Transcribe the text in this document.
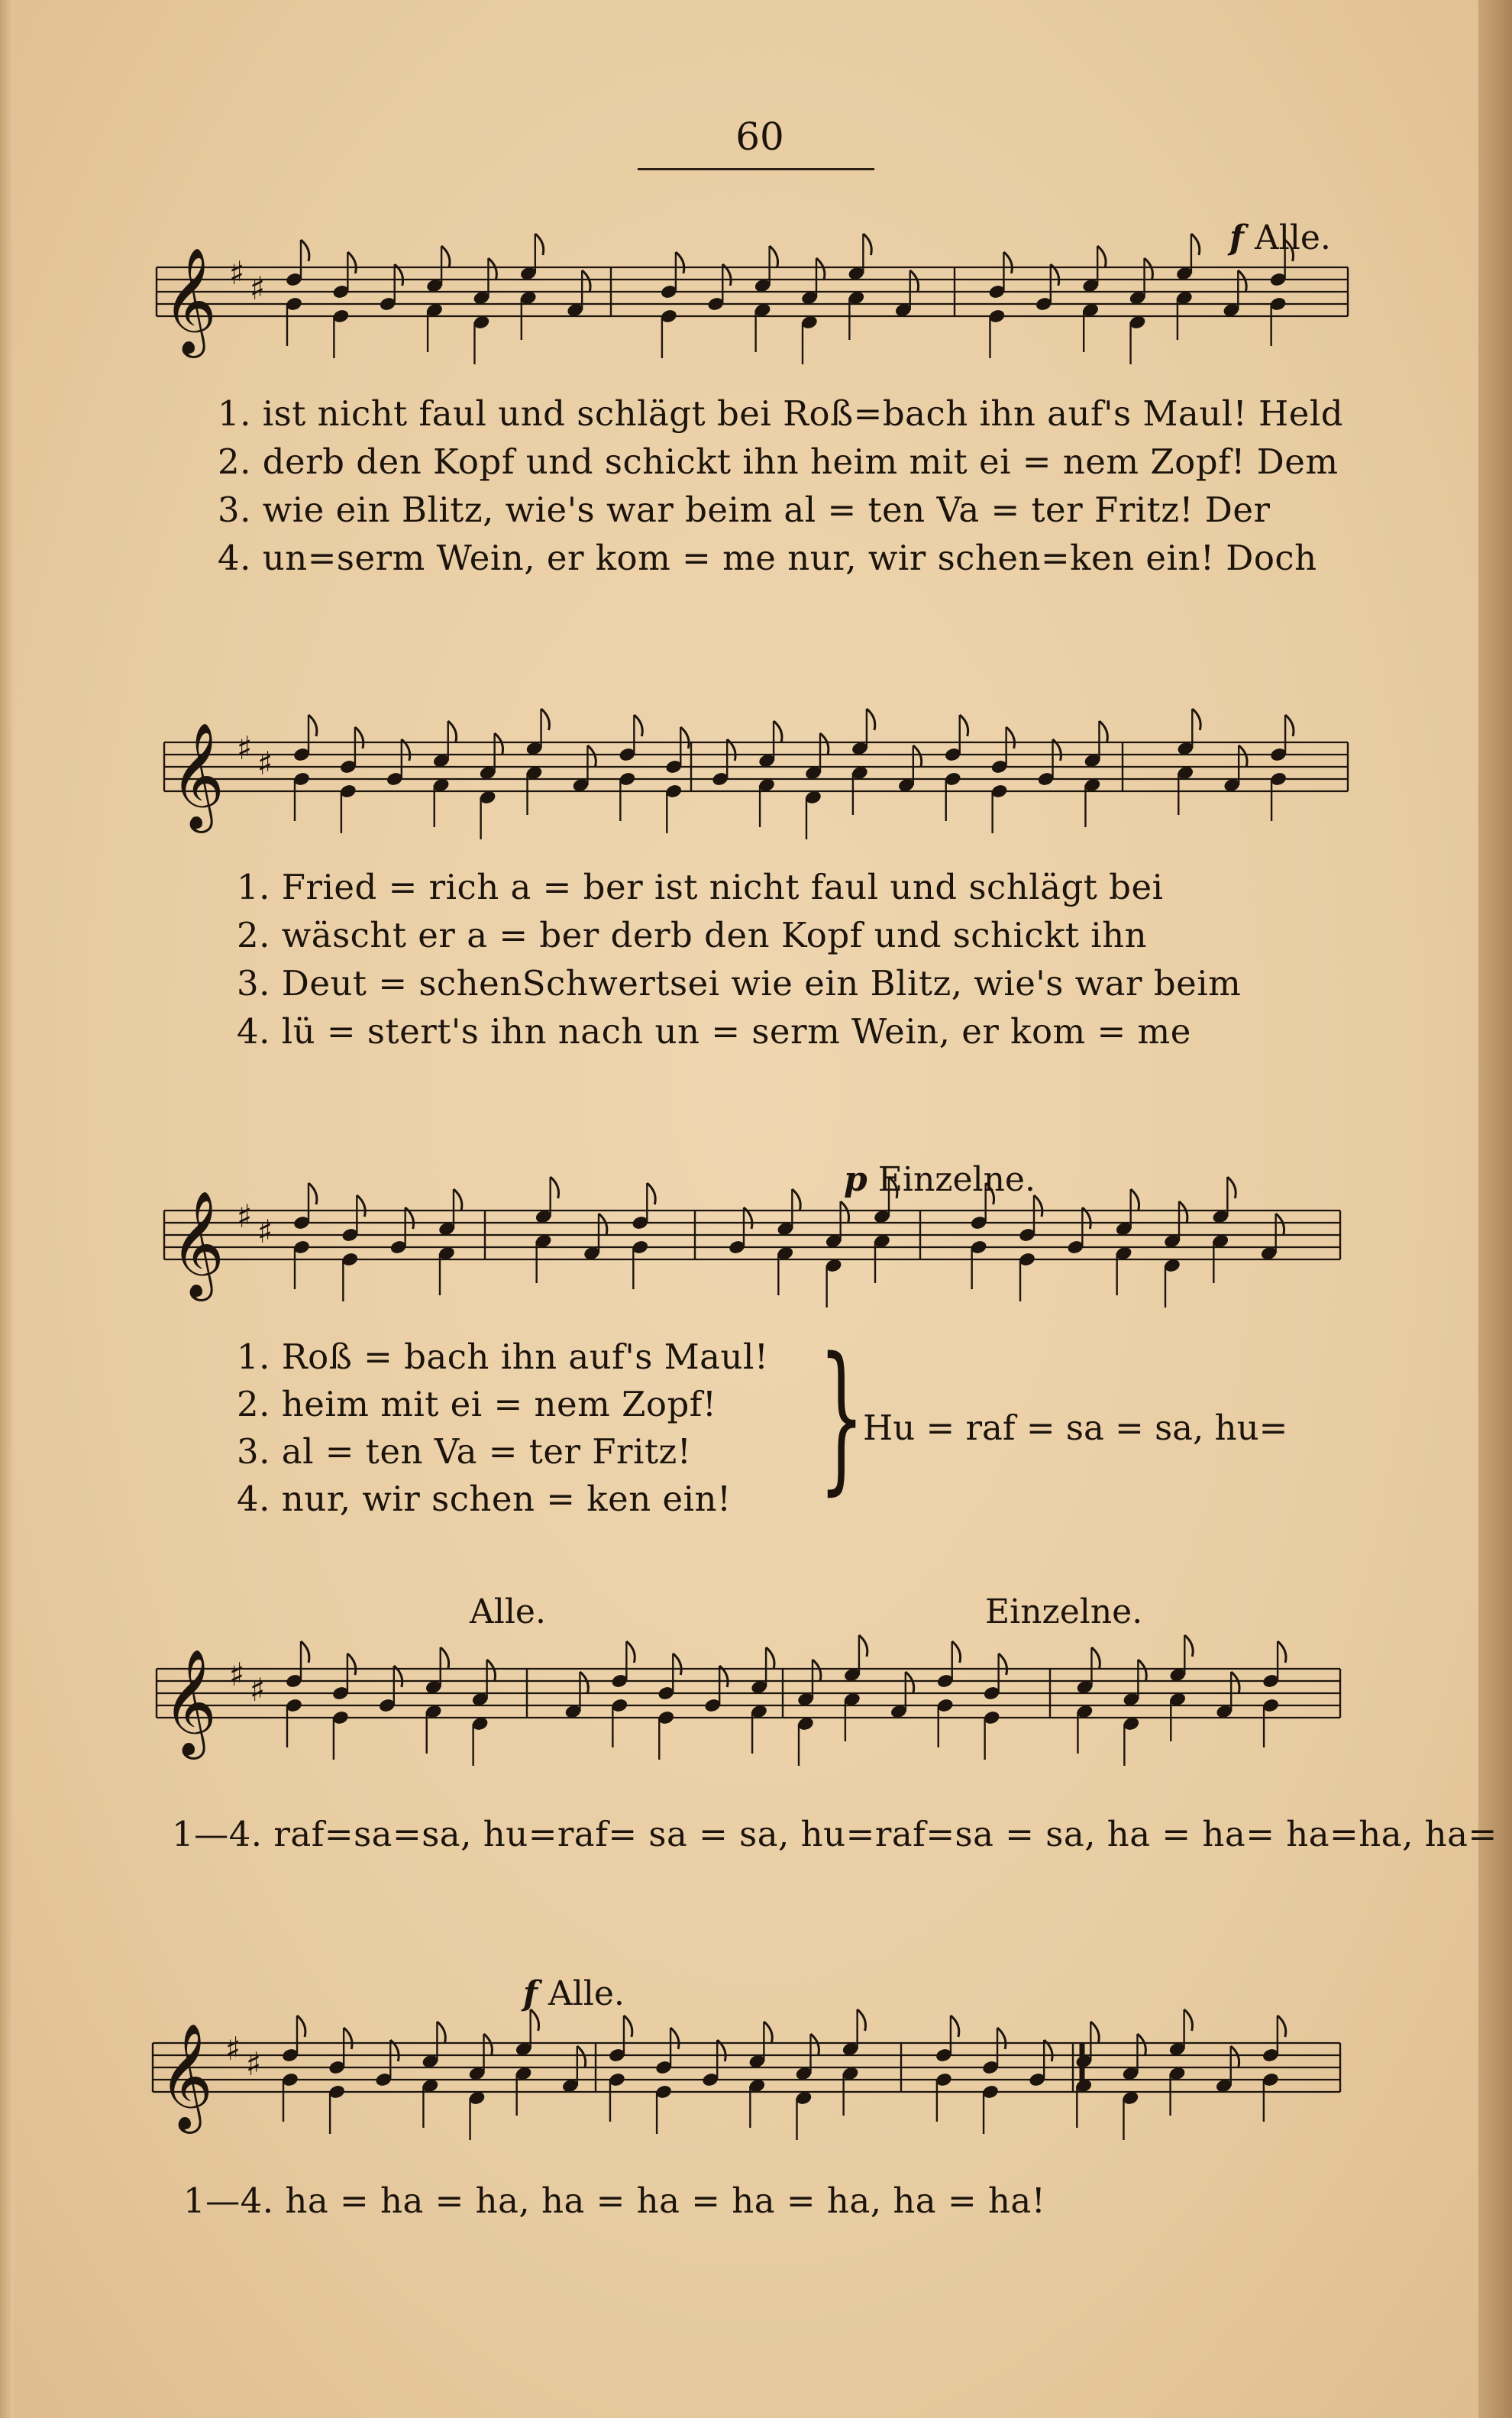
60
𝄞 ♯ ♯
f Alle.
1. ist nicht faul und schlägt bei Roß=bach ihn auf's Maul! Held
2. derb den Kopf und schickt ihn heim mit ei = nem Zopf! Dem
3. wie ein Blitz, wie's war beim al = ten Va = ter Fritz! Der
4. un=serm Wein, er kom = me nur, wir schen=ken ein! Doch
𝄞 ♯ ♯
1. Fried = rich a = ber ist nicht faul und schlägt bei
2. wäscht er a = ber derb den Kopf und schickt ihn
3. Deut = schenSchwertsei wie ein Blitz, wie's war beim
4. lü = stert's ihn nach un = serm Wein, er kom = me
𝄞 ♯ ♯
p Einzelne.
1. Roß = bach ihn auf's Maul!
2. heim mit ei = nem Zopf!
3. al = ten Va = ter Fritz!
4. nur, wir schen = ken ein! }
Hu = raf = sa = sa, hu=
𝄞 ♯ ♯
Alle.	Einzelne.
1—4. raf=sa=sa, hu=raf= sa = sa, hu=raf=sa = sa, ha = ha= ha=ha, ha=
𝄞 ♯ ♯
f Alle.
1—4. ha = ha = ha, ha = ha = ha = ha, ha = ha!
